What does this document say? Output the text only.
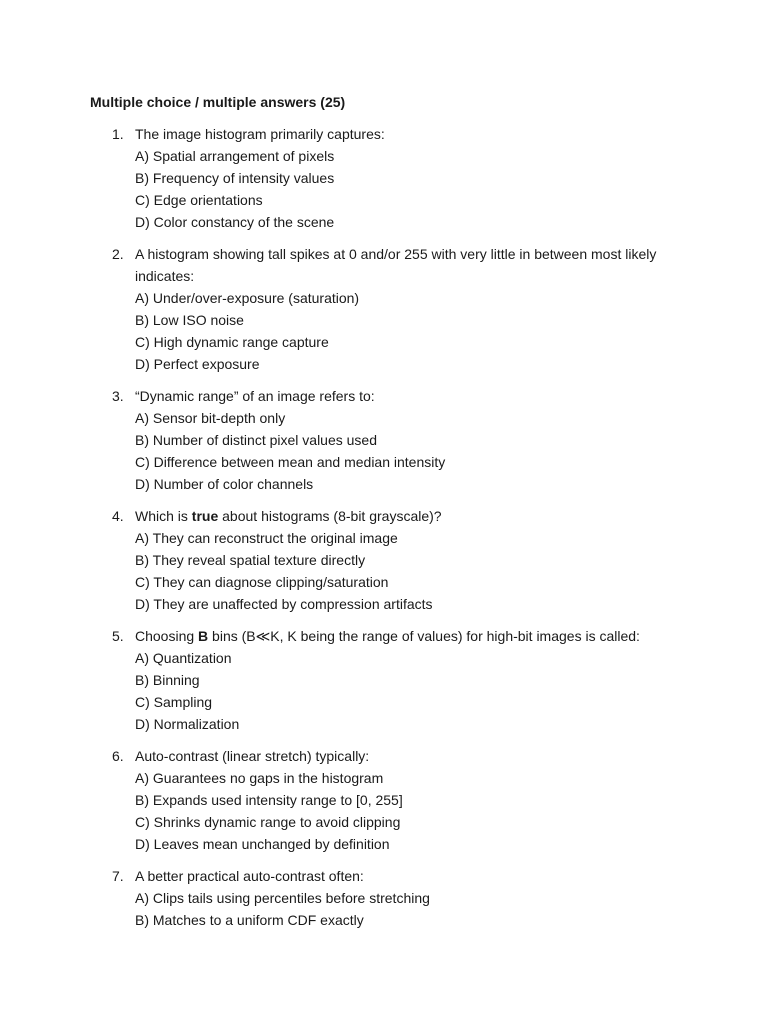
Multiple choice / multiple answers (25)
1. The image histogram primarily captures:
A) Spatial arrangement of pixels
B) Frequency of intensity values
C) Edge orientations
D) Color constancy of the scene
2. A histogram showing tall spikes at 0 and/or 255 with very little in between most likely indicates:
A) Under/over-exposure (saturation)
B) Low ISO noise
C) High dynamic range capture
D) Perfect exposure
3. “Dynamic range” of an image refers to:
A) Sensor bit-depth only
B) Number of distinct pixel values used
C) Difference between mean and median intensity
D) Number of color channels
4. Which is true about histograms (8-bit grayscale)?
A) They can reconstruct the original image
B) They reveal spatial texture directly
C) They can diagnose clipping/saturation
D) They are unaffected by compression artifacts
5. Choosing B bins (B≪K, K being the range of values) for high-bit images is called:
A) Quantization
B) Binning
C) Sampling
D) Normalization
6. Auto-contrast (linear stretch) typically:
A) Guarantees no gaps in the histogram
B) Expands used intensity range to [0, 255]
C) Shrinks dynamic range to avoid clipping
D) Leaves mean unchanged by definition
7. A better practical auto-contrast often:
A) Clips tails using percentiles before stretching
B) Matches to a uniform CDF exactly
